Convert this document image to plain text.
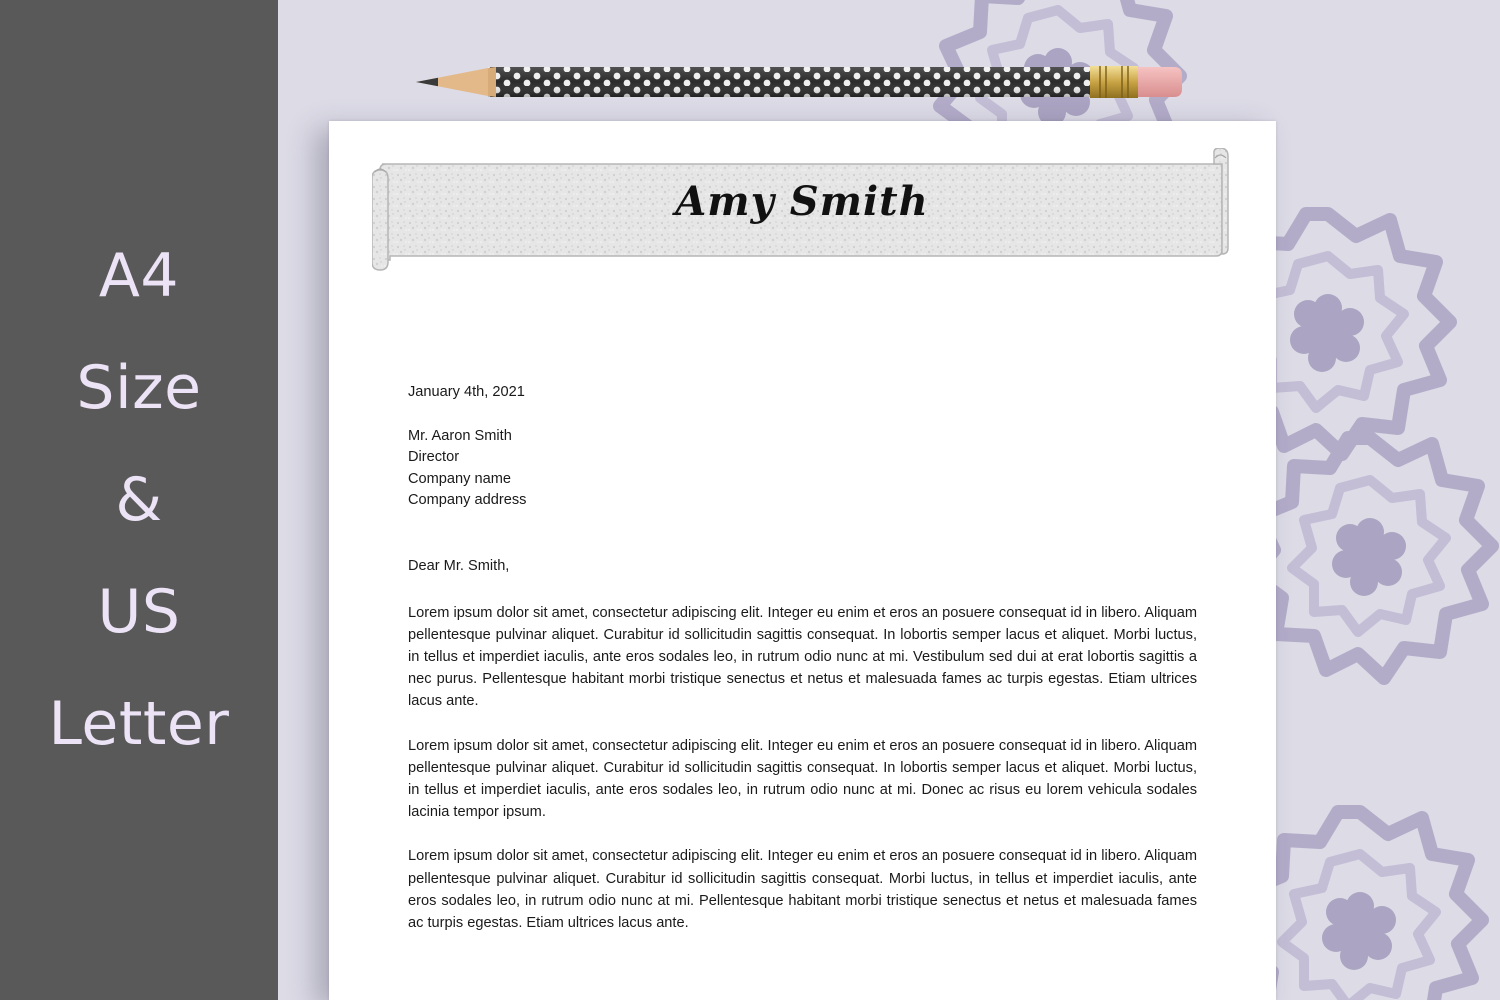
A4
Size
&
US
Letter
Amy Smith
January 4th, 2021
Mr. Aaron Smith
Director
Company name
Company address
Dear Mr. Smith,

Lorem ipsum dolor sit amet, consectetur adipiscing elit. Integer eu enim et eros an posuere consequat id in libero. Aliquam pellentesque pulvinar aliquet. Curabitur id sollicitudin sagittis consequat. In lobortis semper lacus et aliquet. Morbi luctus, in tellus et imperdiet iaculis, ante eros sodales leo, in rutrum odio nunc at mi. Vestibulum sed dui at erat lobortis sagittis a nec purus. Pellentesque habitant morbi tristique senectus et netus et malesuada fames ac turpis egestas. Etiam ultrices lacus ante.

Lorem ipsum dolor sit amet, consectetur adipiscing elit. Integer eu enim et eros an posuere consequat id in libero. Aliquam pellentesque pulvinar aliquet. Curabitur id sollicitudin sagittis consequat. In lobortis semper lacus et aliquet. Morbi luctus, in tellus et imperdiet iaculis, ante eros sodales leo, in rutrum odio nunc at mi. Donec ac risus eu lorem vehicula sodales lacinia tempor ipsum.

Lorem ipsum dolor sit amet, consectetur adipiscing elit. Integer eu enim et eros an posuere consequat id in libero. Aliquam pellentesque pulvinar aliquet. Curabitur id sollicitudin sagittis consequat. Morbi luctus, in tellus et imperdiet iaculis, ante eros sodales leo, in rutrum odio nunc at mi. Pellentesque habitant morbi tristique senectus et netus et malesuada fames ac turpis egestas. Etiam ultrices lacus ante.
